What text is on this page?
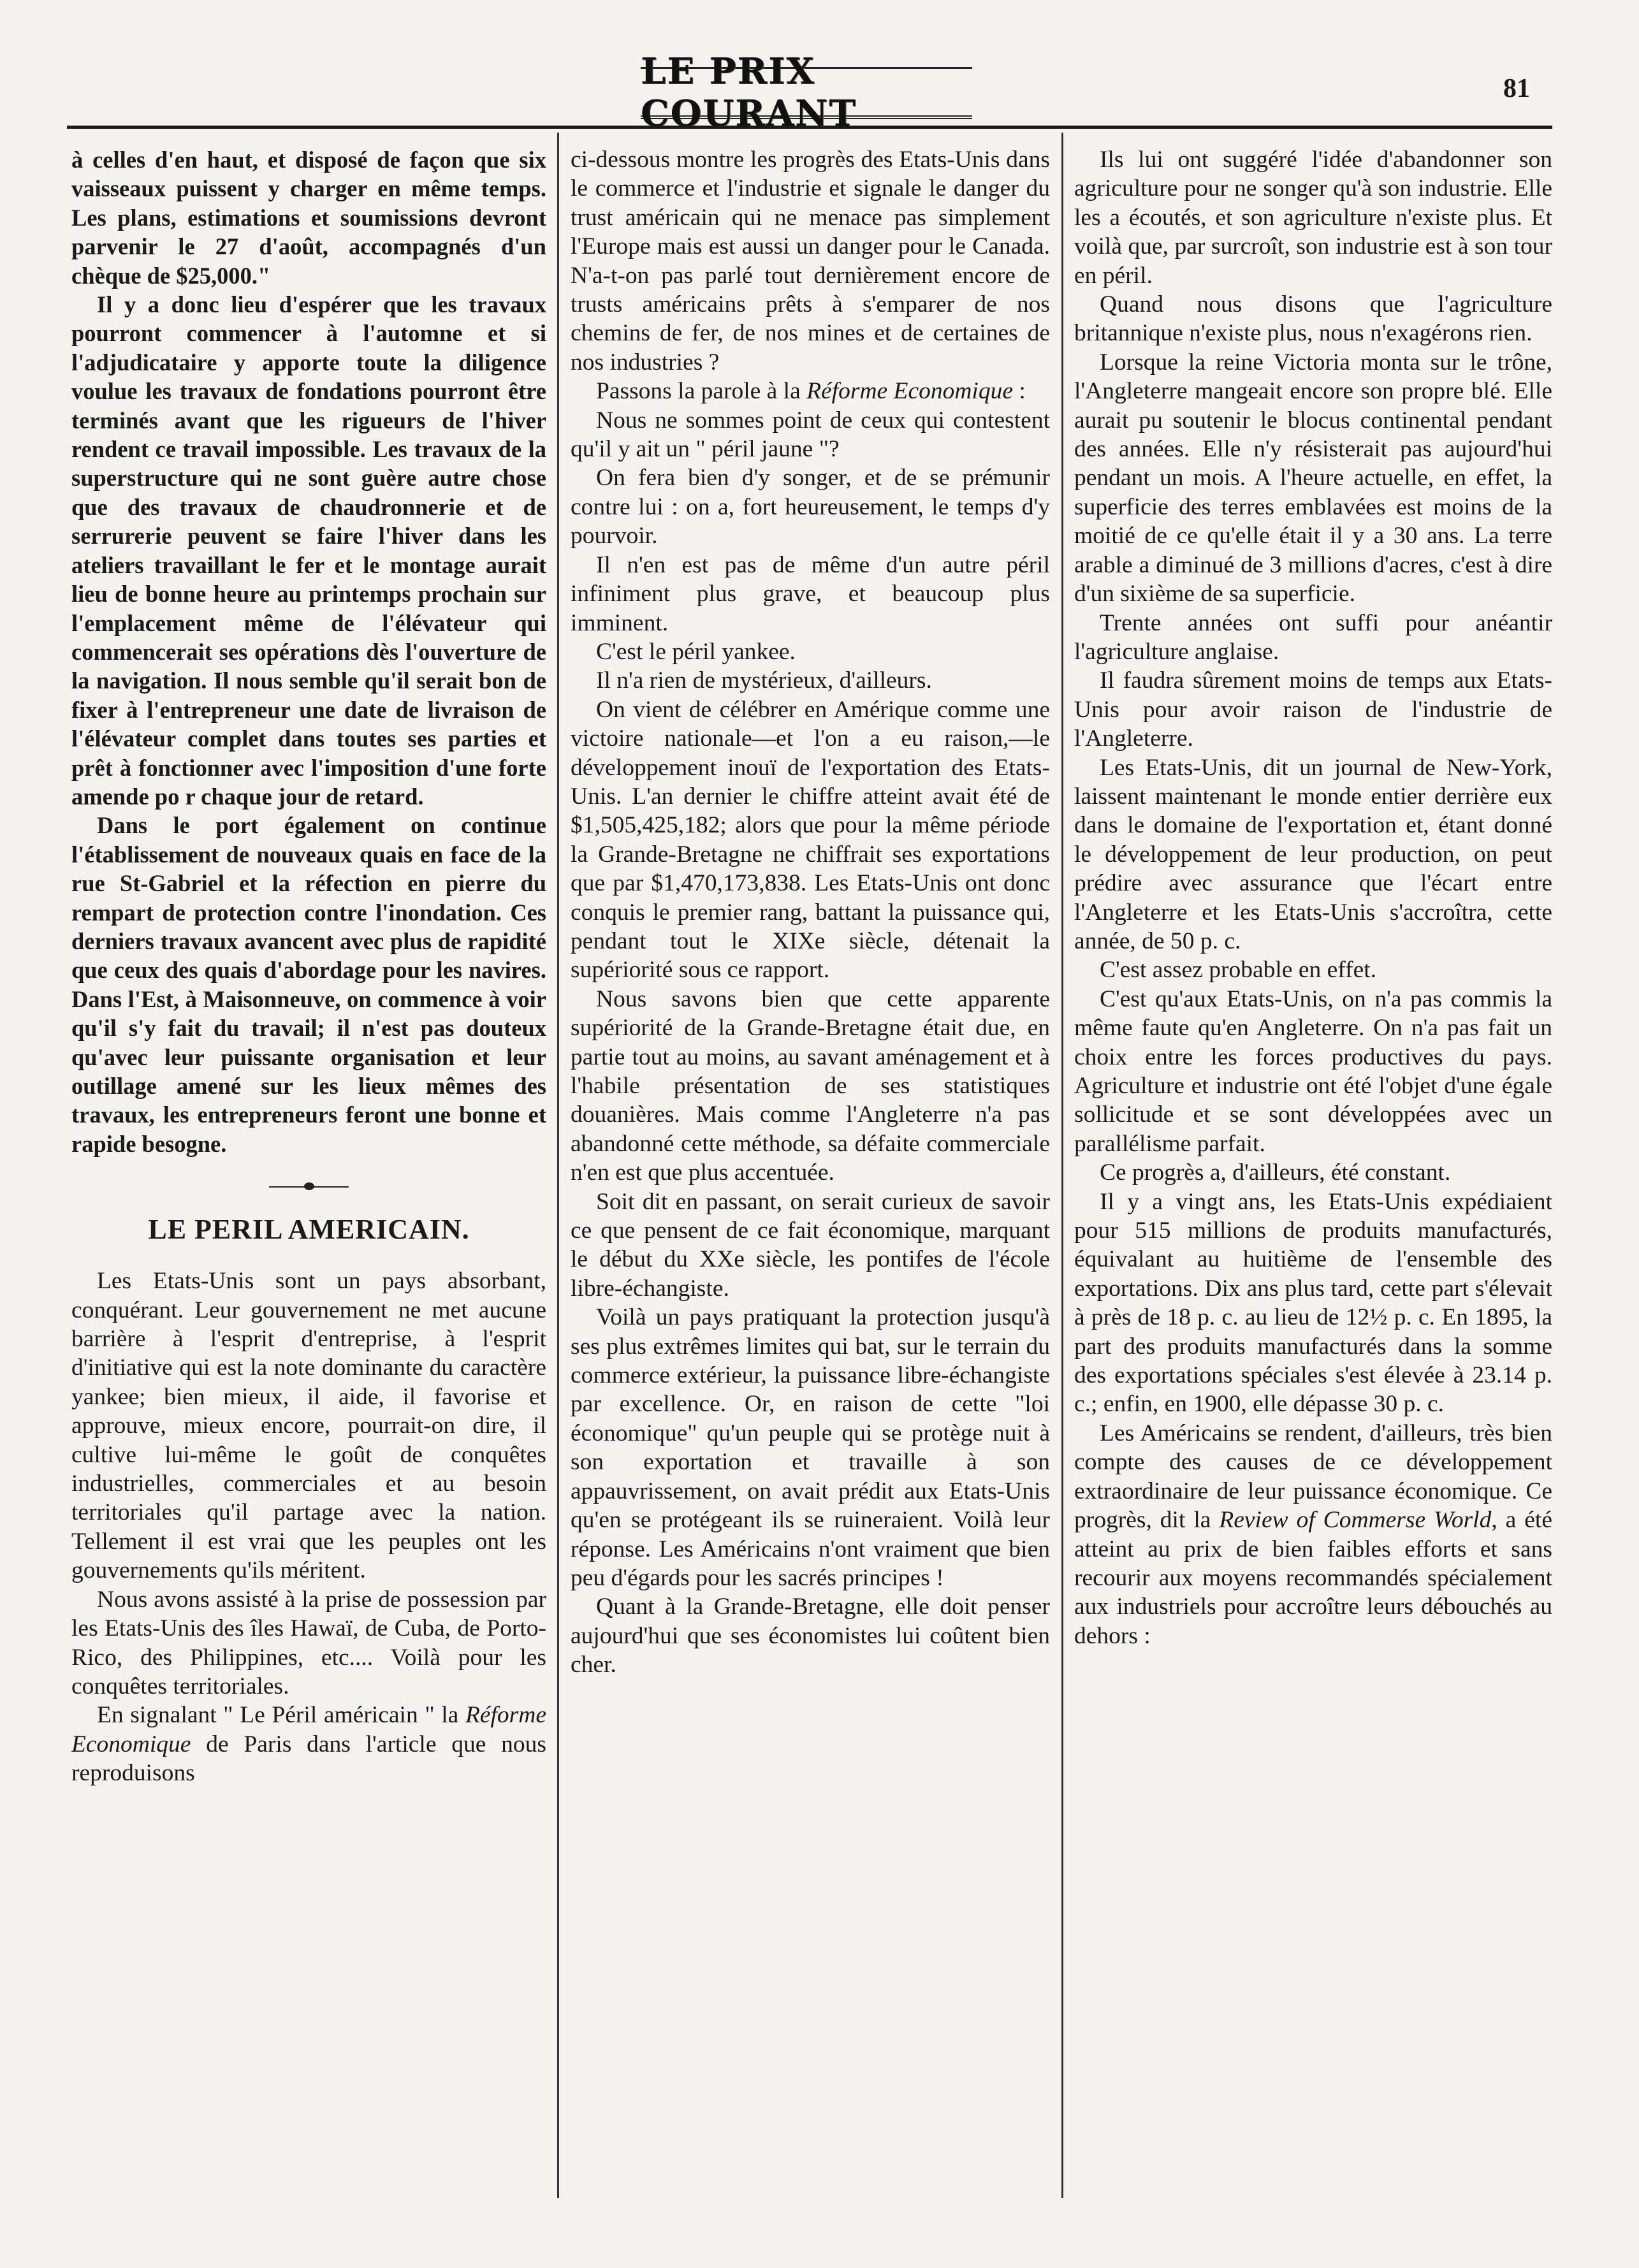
LE PRIX COURANT
81

à celles d'en haut, et disposé de façon que six vaisseaux puissent y charger en même temps. Les plans, estimations et soumissions devront parvenir le 27 d'août, accompagnés d'un chèque de $25,000."

Il y a donc lieu d'espérer que les travaux pourront commencer à l'automne et si l'adjudicataire y apporte toute la diligence voulue les travaux de fondations pourront être terminés avant que les rigueurs de l'hiver rendent ce travail impossible. Les travaux de la superstructure qui ne sont guère autre chose que des travaux de chaudronnerie et de serrurerie peuvent se faire l'hiver dans les ateliers travaillant le fer et le montage aurait lieu de bonne heure au printemps prochain sur l'emplacement même de l'élévateur qui commencerait ses opérations dès l'ouverture de la navigation. Il nous semble qu'il serait bon de fixer à l'entrepreneur une date de livraison de l'élévateur complet dans toutes ses parties et prêt à fonctionner avec l'imposition d'une forte amende po r chaque jour de retard.

Dans le port également on continue l'établissement de nouveaux quais en face de la rue St-Gabriel et la réfection en pierre du rempart de protection contre l'inondation. Ces derniers travaux avancent avec plus de rapidité que ceux des quais d'abordage pour les navires. Dans l'Est, à Maisonneuve, on commence à voir qu'il s'y fait du travail; il n'est pas douteux qu'avec leur puissante organisation et leur outillage amené sur les lieux mêmes des travaux, les entrepreneurs feront une bonne et rapide besogne.

LE PERIL AMERICAIN.

Les Etats-Unis sont un pays absorbant, conquérant. Leur gouvernement ne met aucune barrière à l'esprit d'entreprise, à l'esprit d'initiative qui est la note dominante du caractère yankee; bien mieux, il aide, il favorise et approuve, mieux encore, pourrait-on dire, il cultive lui-même le goût de conquêtes industrielles, commerciales et au besoin territoriales qu'il partage avec la nation. Tellement il est vrai que les peuples ont les gouvernements qu'ils méritent.

Nous avons assisté à la prise de possession par les Etats-Unis des îles Hawaï, de Cuba, de Porto-Rico, des Philippines, etc.... Voilà pour les conquêtes territoriales.

En signalant " Le Péril américain " la Réforme Economique de Paris dans l'article que nous reproduisons

ci-dessous montre les progrès des Etats-Unis dans le commerce et l'industrie et signale le danger du trust américain qui ne menace pas simplement l'Europe mais est aussi un danger pour le Canada. N'a-t-on pas parlé tout dernièrement encore de trusts américains prêts à s'emparer de nos chemins de fer, de nos mines et de certaines de nos industries ?

Passons la parole à la Réforme Economique :

Nous ne sommes point de ceux qui contestent qu'il y ait un " péril jaune "?

On fera bien d'y songer, et de se prémunir contre lui : on a, fort heureusement, le temps d'y pourvoir.

Il n'en est pas de même d'un autre péril infiniment plus grave, et beaucoup plus imminent.

C'est le péril yankee.

Il n'a rien de mystérieux, d'ailleurs.

On vient de célébrer en Amérique comme une victoire nationale—et l'on a eu raison,—le développement inouï de l'exportation des Etats-Unis. L'an dernier le chiffre atteint avait été de $1,505,425,182; alors que pour la même période la Grande-Bretagne ne chiffrait ses exportations que par $1,470,173,838. Les Etats-Unis ont donc conquis le premier rang, battant la puissance qui, pendant tout le XIXe siècle, détenait la supériorité sous ce rapport.

Nous savons bien que cette apparente supériorité de la Grande-Bretagne était due, en partie tout au moins, au savant aménagement et à l'habile présentation de ses statistiques douanières. Mais comme l'Angleterre n'a pas abandonné cette méthode, sa défaite commerciale n'en est que plus accentuée.

Soit dit en passant, on serait curieux de savoir ce que pensent de ce fait économique, marquant le début du XXe siècle, les pontifes de l'école libre-échangiste.

Voilà un pays pratiquant la protection jusqu'à ses plus extrêmes limites qui bat, sur le terrain du commerce extérieur, la puissance libre-échangiste par excellence. Or, en raison de cette "loi économique" qu'un peuple qui se protège nuit à son exportation et travaille à son appauvrissement, on avait prédit aux Etats-Unis qu'en se protégeant ils se ruineraient. Voilà leur réponse. Les Américains n'ont vraiment que bien peu d'égards pour les sacrés principes !

Quant à la Grande-Bretagne, elle doit penser aujourd'hui que ses économistes lui coûtent bien cher.

Ils lui ont suggéré l'idée d'abandonner son agriculture pour ne songer qu'à son industrie. Elle les a écoutés, et son agriculture n'existe plus. Et voilà que, par surcroît, son industrie est à son tour en péril.

Quand nous disons que l'agriculture britannique n'existe plus, nous n'exagérons rien.

Lorsque la reine Victoria monta sur le trône, l'Angleterre mangeait encore son propre blé. Elle aurait pu soutenir le blocus continental pendant des années. Elle n'y résisterait pas aujourd'hui pendant un mois. A l'heure actuelle, en effet, la superficie des terres emblavées est moins de la moitié de ce qu'elle était il y a 30 ans. La terre arable a diminué de 3 millions d'acres, c'est à dire d'un sixième de sa superficie.

Trente années ont suffi pour anéantir l'agriculture anglaise.

Il faudra sûrement moins de temps aux Etats-Unis pour avoir raison de l'industrie de l'Angleterre.

Les Etats-Unis, dit un journal de New-York, laissent maintenant le monde entier derrière eux dans le domaine de l'exportation et, étant donné le développement de leur production, on peut prédire avec assurance que l'écart entre l'Angleterre et les Etats-Unis s'accroîtra, cette année, de 50 p. c.

C'est assez probable en effet.

C'est qu'aux Etats-Unis, on n'a pas commis la même faute qu'en Angleterre. On n'a pas fait un choix entre les forces productives du pays. Agriculture et industrie ont été l'objet d'une égale sollicitude et se sont développées avec un parallélisme parfait.

Ce progrès a, d'ailleurs, été constant.

Il y a vingt ans, les Etats-Unis expédiaient pour 515 millions de produits manufacturés, équivalant au huitième de l'ensemble des exportations. Dix ans plus tard, cette part s'élevait à près de 18 p. c. au lieu de 12½ p. c. En 1895, la part des produits manufacturés dans la somme des exportations spéciales s'est élevée à 23.14 p. c.; enfin, en 1900, elle dépasse 30 p. c.

Les Américains se rendent, d'ailleurs, très bien compte des causes de ce développement extraordinaire de leur puissance économique. Ce progrès, dit la Review of Commerse World, a été atteint au prix de bien faibles efforts et sans recourir aux moyens recommandés spécialement aux industriels pour accroître leurs débouchés au dehors :
